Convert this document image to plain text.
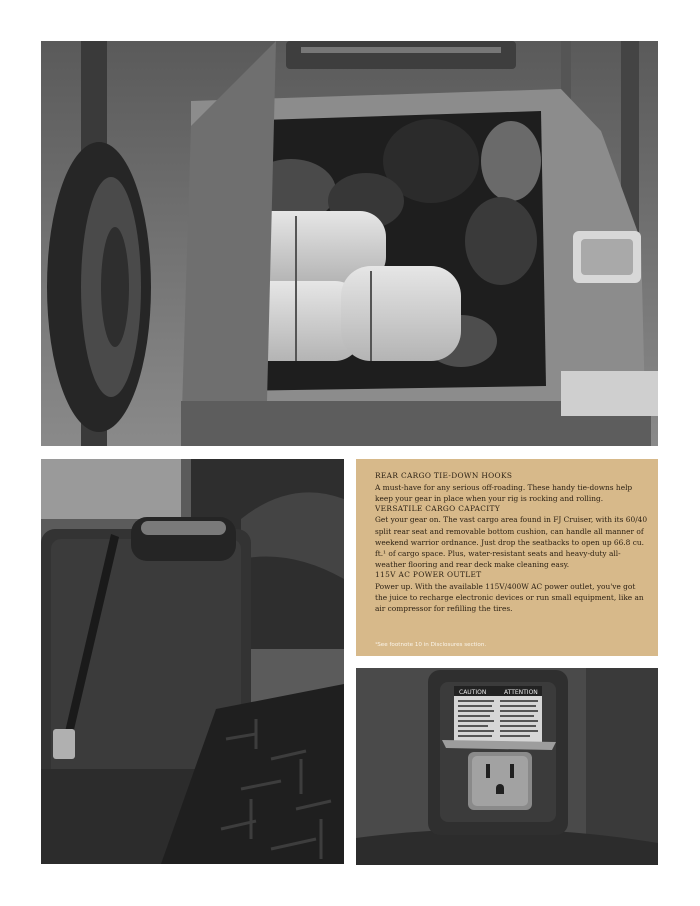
REAR CARGO TIE-DOWN HOOKS

A must-have for any serious off-roading. These handy tie-downs help keep your gear in place when your rig is rocking and rolling.

VERSATILE CARGO CAPACITY

Get your gear on. The vast cargo area found in FJ Cruiser, with its 60/40 split rear seat and removable bottom cushion, can handle all manner of weekend warrior ordnance. Just drop the seatbacks to open up 66.8 cu. ft.¹ of cargo space. Plus, water-resistant seats and heavy-duty all-weather flooring and rear deck make cleaning easy.

115V AC POWER OUTLET

Power up. With the available 115V/400W AC power outlet, you've got the juice to recharge electronic devices or run small equipment, like an air compressor for refilling the tires.

¹See footnote 10 in Disclosures section.
CAUTION	ATTENTION
